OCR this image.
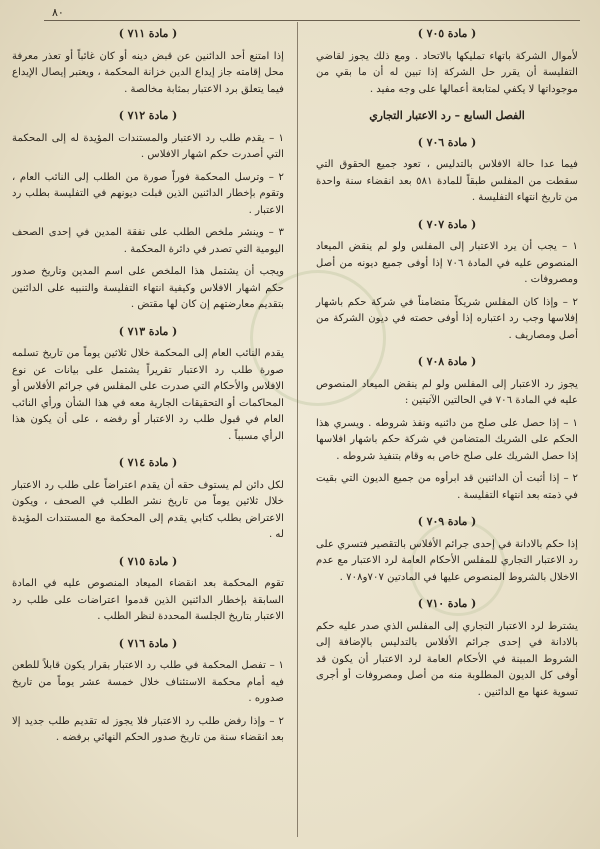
٨٠
( مادة ٧٠٥ )

لأموال الشركة باتهاء تمليكها بالاتحاد . ومع ذلك يجوز لقاضي التفليسة أن يقرر حل الشركة إذا تبين له أن ما بقي من موجوداتها لا يكفي لمتابعة أعمالها على وجه مفيد .

الفصل السابع – رد الاعتبار التجاري
( مادة ٧٠٦ )

فيما عدا حالة الافلاس بالتدليس ، تعود جميع الحقوق التي سقطت من المفلس طبقاً للمادة ٥٨١ بعد انقضاء سنة واحدة من تاريخ انتهاء التفليسة .

( مادة ٧٠٧ )

١ – يجب أن يرد الاعتبار إلى المفلس ولو لم ينقض الميعاد المنصوص عليه في المادة ٧٠٦ إذا أوفى جميع ديونه من أصل ومصروفات .

٢ – وإذا كان المفلس شريكاً متضامناً في شركة حكم باشهار إفلاسها وجب رد اعتباره إذا أوفى حصته في ديون الشركة من أصل ومصاريف .

( مادة ٧٠٨ )

يجوز رد الاعتبار إلى المفلس ولو لم ينقض الميعاد المنصوص عليه في المادة ٧٠٦ في الحالتين الآتيتين :

١ – إذا حصل على صلح من دائنيه ونفذ شروطه . ويسري هذا الحكم على الشريك المتضامن في شركة حكم باشهار افلاسها إذا حصل الشريك على صلح خاص به وقام بتنفيذ شروطه .

٢ – إذا أثبت أن الدائنين قد ابرأوه من جميع الديون التي بقيت في ذمته بعد انتهاء التفليسة .

( مادة ٧٠٩ )

إذا حكم بالادانة في إحدى جرائم الأفلاس بالتقصير فتسري على رد الاعتبار التجاري للمفلس الأحكام العامة لرد الاعتبار مع عدم الاخلال بالشروط المنصوص عليها في المادتين ٧٠٧و٧٠٨ .

( مادة ٧١٠ )

يشترط لرد الاعتبار التجاري إلى المفلس الذي صدر عليه حكم بالادانة في إحدى جرائم الأفلاس بالتدليس بالإضافة إلى الشروط المبينة في الأحكام العامة لرد الاعتبار أن يكون قد أوفى كل الديون المطلوبة منه من أصل ومصروفات أو أجرى تسوية عنها مع الدائنين .

( مادة ٧١١ )

إذا امتنع أحد الدائنين عن قبض دينه أو كان غائباً أو تعذر معرفة محل إقامته جاز إيداع الدين خزانة المحكمة ، ويعتبر إيصال الإيداع فيما يتعلق برد الاعتبار بمثابة مخالصة .

( مادة ٧١٢ )

١ – يقدم طلب رد الاعتبار والمستندات المؤيدة له إلى المحكمة التي أصدرت حكم اشهار الافلاس .

٢ – وترسل المحكمة فوراً صورة من الطلب إلى النائب العام ، وتقوم بإخطار الدائنين الذين قبلت ديونهم في التفليسة بطلب رد الاعتبار .

٣ – وينشر ملخص الطلب على نفقة المدين في إحدى الصحف اليومية التي تصدر في دائرة المحكمة .

ويجب أن يشتمل هذا الملخص على اسم المدين وتاريخ صدور حكم اشهار الافلاس وكيفية انتهاء التفليسة والتنبيه على الدائنين بتقديم معارضتهم إن كان لها مقتض .

( مادة ٧١٣ )

يقدم النائب العام إلى المحكمة خلال ثلاثين يوماً من تاريخ تسلمه صورة طلب رد الاعتبار تقريراً يشتمل على بيانات عن نوع الافلاس والأحكام التي صدرت على المفلس في جرائم الأفلاس أو المحاكمات أو التحقيقات الجارية معه في هذا الشأن ورأي النائب العام في قبول طلب رد الاعتبار أو رفضه ، على أن يكون هذا الرأي مسبباً .

( مادة ٧١٤ )

لكل دائن لم يستوف حقه أن يقدم اعتراضاً على طلب رد الاعتبار خلال ثلاثين يوماً من تاريخ نشر الطلب في الصحف ، ويكون الاعتراض بطلب كتابي يقدم إلى المحكمة مع المستندات المؤيدة له .

( مادة ٧١٥ )

تقوم المحكمة بعد انقضاء الميعاد المنصوص عليه في المادة السابقة بإخطار الدائنين الذين قدموا اعتراضات على طلب رد الاعتبار بتاريخ الجلسة المحددة لنظر الطلب .

( مادة ٧١٦ )

١ – تفصل المحكمة في طلب رد الاعتبار بقرار يكون قابلاً للطعن فيه أمام محكمة الاستئناف خلال خمسة عشر يوماً من تاريخ صدوره .

٢ – وإذا رفض طلب رد الاعتبار فلا يجوز له تقديم طلب جديد إلا بعد انقضاء سنة من تاريخ صدور الحكم النهائي برفضه .
